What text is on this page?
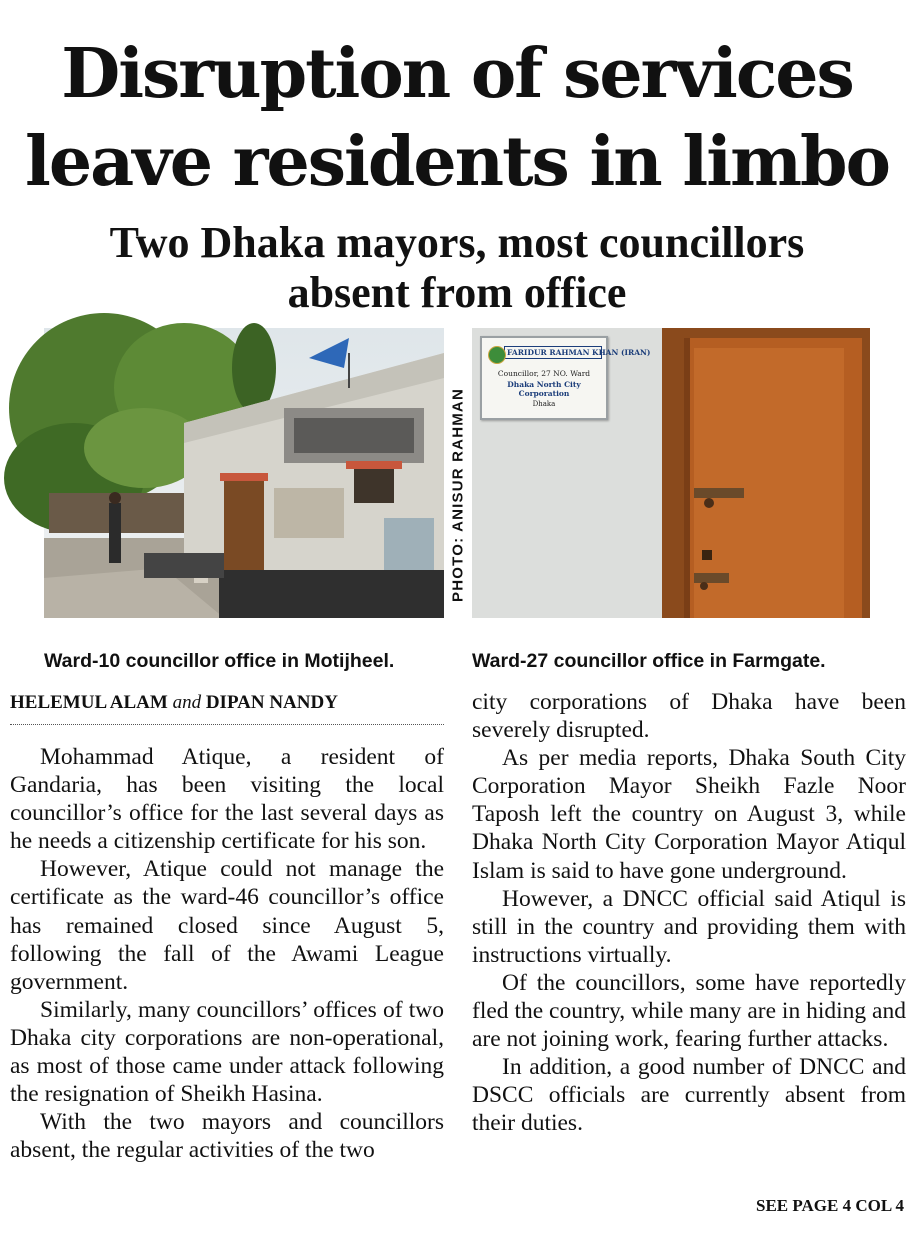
Disruption of services
leave residents in limbo
Two Dhaka mayors, most councillors
absent from office
PHOTO: ANISUR RAHMAN
FARIDUR RAHMAN KHAN (IRAN)
Councillor, 27 NO. Ward
Dhaka North City Corporation
Dhaka
Ward-10 councillor office in Motijheel.	Ward-27 councillor office in Farmgate.
HELEMUL ALAM and DIPAN NANDY

Mohammad Atique, a resident of Gandaria, has been visiting the local councillor’s office for the last several days as he needs a citizenship certificate for his son.

However, Atique could not manage the certificate as the ward-46 councillor’s office has remained closed since August 5, following the fall of the Awami League government.

Similarly, many councillors’ offices of two Dhaka city corporations are non-operational, as most of those came under attack following the resignation of Sheikh Hasina.

With the two mayors and councillors absent, the regular activities of the two

city corporations of Dhaka have been severely disrupted.

As per media reports, Dhaka South City Corporation Mayor Sheikh Fazle Noor Taposh left the country on August 3, while Dhaka North City Corporation Mayor Atiqul Islam is said to have gone underground.

However, a DNCC official said Atiqul is still in the country and providing them with instructions virtually.

Of the councillors, some have reportedly fled the country, while many are in hiding and are not joining work, fearing further attacks.

In addition, a good number of DNCC and DSCC officials are currently absent from their duties.

SEE PAGE 4 COL 4
